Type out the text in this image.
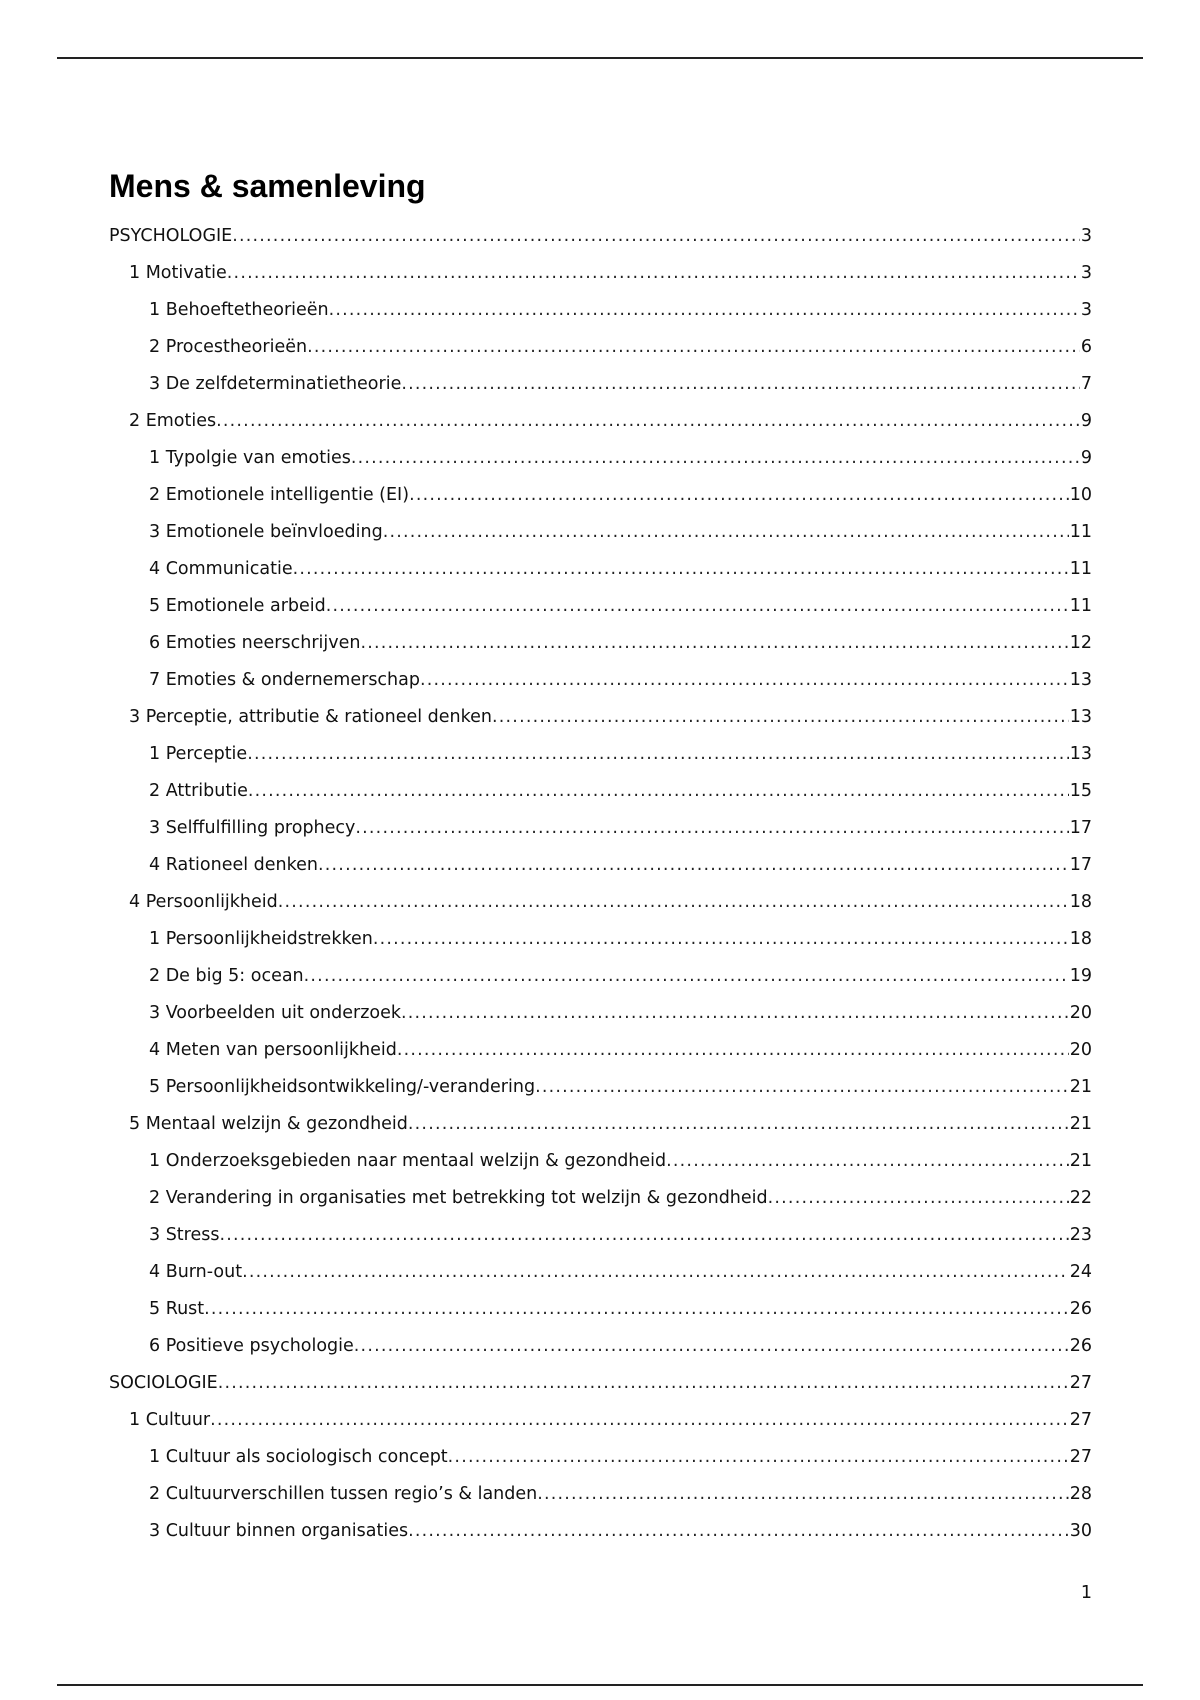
Mens & samenleving
PSYCHOLOGIE .....	3
1 Motivatie .....	3
1 Behoeftetheorieën .....	3
2 Procestheorieën .....	6
3 De zelfdeterminatietheorie .....	7
2 Emoties .....	9
1 Typolgie van emoties .....	9
2 Emotionele intelligentie (EI) .....	10
3 Emotionele beïnvloeding .....	11
4 Communicatie .....	11
5 Emotionele arbeid .....	11
6 Emoties neerschrijven .....	12
7 Emoties & ondernemerschap .....	13
3 Perceptie, attributie & rationeel denken .....	13
1 Perceptie .....	13
2 Attributie .....	15
3 Selffulfilling prophecy .....	17
4 Rationeel denken .....	17
4 Persoonlijkheid .....	18
1 Persoonlijkheidstrekken .....	18
2 De big 5: ocean .....	19
3 Voorbeelden uit onderzoek .....	20
4 Meten van persoonlijkheid .....	20
5 Persoonlijkheidsontwikkeling/-verandering .....	21
5 Mentaal welzijn & gezondheid .....	21
1 Onderzoeksgebieden naar mentaal welzijn & gezondheid .....	21
2 Verandering in organisaties met betrekking tot welzijn & gezondheid .....	22
3 Stress .....	23
4 Burn-out .....	24
5 Rust .....	26
6 Positieve psychologie .....	26
SOCIOLOGIE .....	27
1 Cultuur .....	27
1 Cultuur als sociologisch concept .....	27
2 Cultuurverschillen tussen regio’s & landen .....	28
3 Cultuur binnen organisaties .....	30
1
